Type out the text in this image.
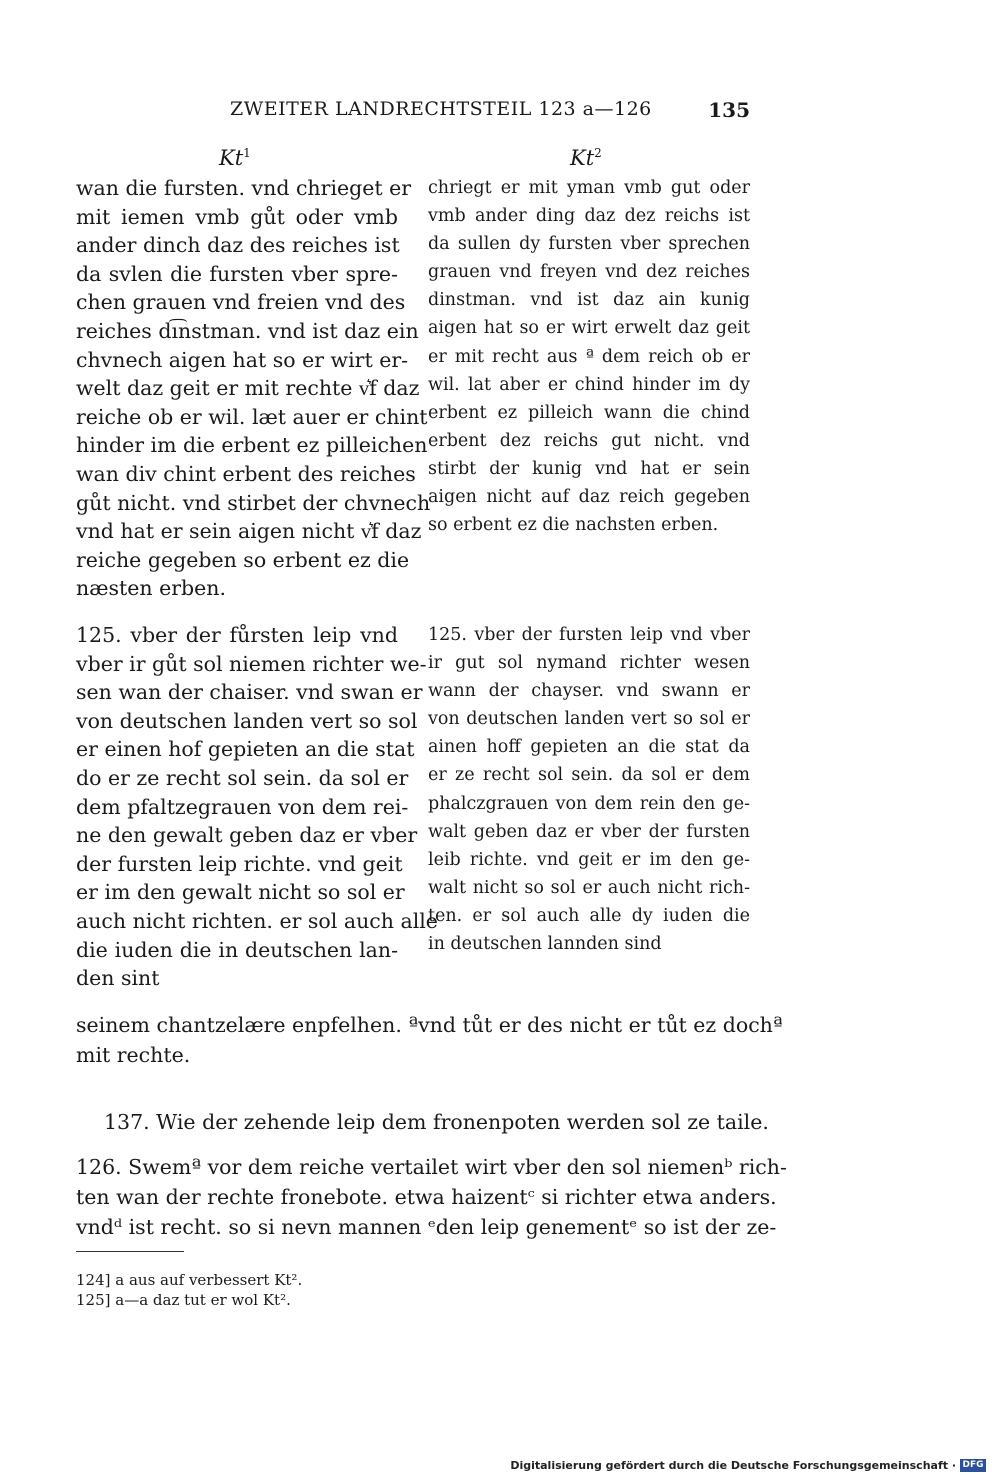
ZWEITER LANDRECHTSTEIL 123 a—126	135
Kt$^1$	Kt$^2$
wan die fursten. vnd chrieget er
mit iemen vmb gůt oder vmb
ander dinch daz des reiches ist
da svlen die fursten vber spre-
chen grauen vnd freien vnd des
reiches dı͡nstman. vnd ist daz ein
chvnech aigen hat so er wirt er-
welt daz geit er mit rechte v͛f daz
reiche ob er wil. læt auer er chint
hinder im die erbent ez pilleichen
wan div chint erbent des reiches
gůt nicht. vnd stirbet der chvnech
vnd hat er sein aigen nicht v͛f daz
reiche gegeben so erbent ez die
næsten erben.
chriegt er mit yman vmb gut oder
vmb ander ding daz dez reichs ist
da sullen dy fursten vber sprechen
grauen vnd freyen vnd dez reiches
dinstman. vnd ist daz ain kunig
aigen hat so er wirt erwelt daz geit
er mit recht aus ª dem reich ob er
wil. lat aber er chind hinder im dy
erbent ez pilleich wann die chind
erbent dez reichs gut nicht. vnd
stirbt der kunig vnd hat er sein
aigen nicht auf daz reich gegeben
so erbent ez die nachsten erben.
125. vber der fůrsten leip vnd
vber ir gůt sol niemen richter we-
sen wan der chaiser. vnd swan er
von deutschen landen vert so sol
er einen hof gepieten an die stat
do er ze recht sol sein. da sol er
dem pfaltzegrauen von dem rei-
ne den gewalt geben daz er vber
der fursten leip richte. vnd geit
er im den gewalt nicht so sol er
auch nicht richten. er sol auch alle
die iuden die in deutschen lan-
den sint
125. vber der fursten leip vnd vber
ir gut sol nymand richter wesen
wann der chayser. vnd swann er
von deutschen landen vert so sol er
ainen hoff gepieten an die stat da
er ze recht sol sein. da sol er dem
phalczgrauen von dem rein den ge-
walt geben daz er vber der fursten
leib richte. vnd geit er im den ge-
walt nicht so sol er auch nicht rich-
ten. er sol auch alle dy iuden die
in deutschen lannden sind
seinem chantzelære enpfelhen. ªvnd tůt er des nicht er tůt ez dochª
mit rechte.
137. Wie der zehende leip dem fronenpoten werden sol ze taile.
126. Swemª vor dem reiche vertailet wirt vber den sol niemenᵇ rich-
ten wan der rechte fronebote. etwa haizentᶜ si richter etwa anders.
vndᵈ ist recht. so si nevn mannen ᵉden leip genementᵉ so ist der ze-
124] a aus auf verbessert Kt².
125] a—a daz tut er wol Kt².
Digitalisierung gefördert durch die Deutsche Forschungsgemeinschaft · DFG
